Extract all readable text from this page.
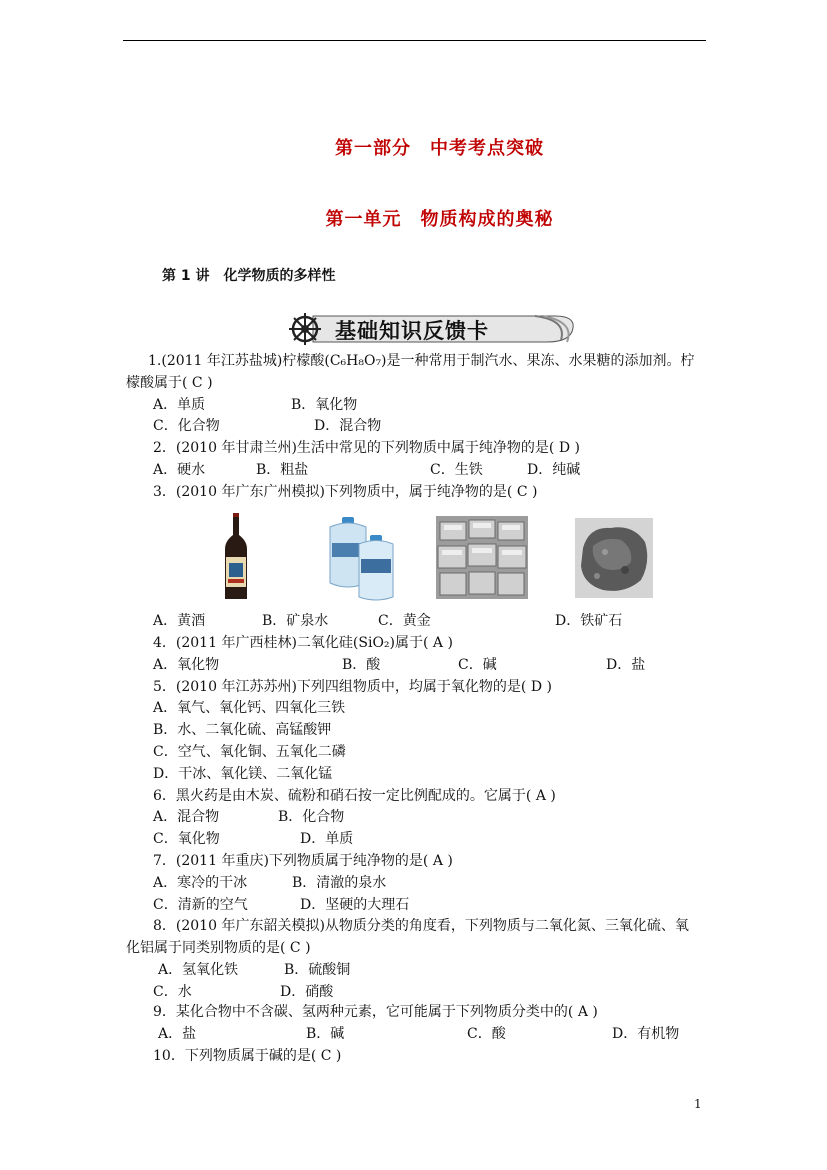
第一部分　中考考点突破
第一单元　物质构成的奥秘
第 1 讲　化学物质的多样性
基础知识反馈卡
1.(2011 年江苏盐城)柠檬酸(C₆H₈O₇)是一种常用于制汽水、果冻、水果糖的添加剂。柠
檬酸属于( C )
A．单质	B．氧化物
C．化合物	D．混合物
2．(2010 年甘肃兰州)生活中常见的下列物质中属于纯净物的是( D )
A．硬水	B．粗盐	C．生铁	D．纯碱
3．(2010 年广东广州模拟)下列物质中，属于纯净物的是( C )
A．黄酒	B．矿泉水	C．黄金	D．铁矿石
4．(2011 年广西桂林)二氧化硅(SiO₂)属于( A )
A．氧化物	B．酸	C．碱	D．盐
5．(2010 年江苏苏州)下列四组物质中，均属于氧化物的是( D )
A．氧气、氧化钙、四氧化三铁
B．水、二氧化硫、高锰酸钾
C．空气、氧化铜、五氧化二磷
D．干冰、氧化镁、二氧化锰
6．黑火药是由木炭、硫粉和硝石按一定比例配成的。它属于( A )
A．混合物	B．化合物
C．氧化物	D．单质
7．(2011 年重庆)下列物质属于纯净物的是( A )
A．寒冷的干冰	B．清澈的泉水
C．清新的空气	D．坚硬的大理石
8．(2010 年广东韶关模拟)从物质分类的角度看，下列物质与二氧化氮、三氧化硫、氧
化铝属于同类别物质的是( C )
A．氢氧化铁	B．硫酸铜
C．水	D．硝酸
9．某化合物中不含碳、氢两种元素，它可能属于下列物质分类中的( A )
A．盐	B．碱	C．酸	D．有机物
10．下列物质属于碱的是( C )
1
